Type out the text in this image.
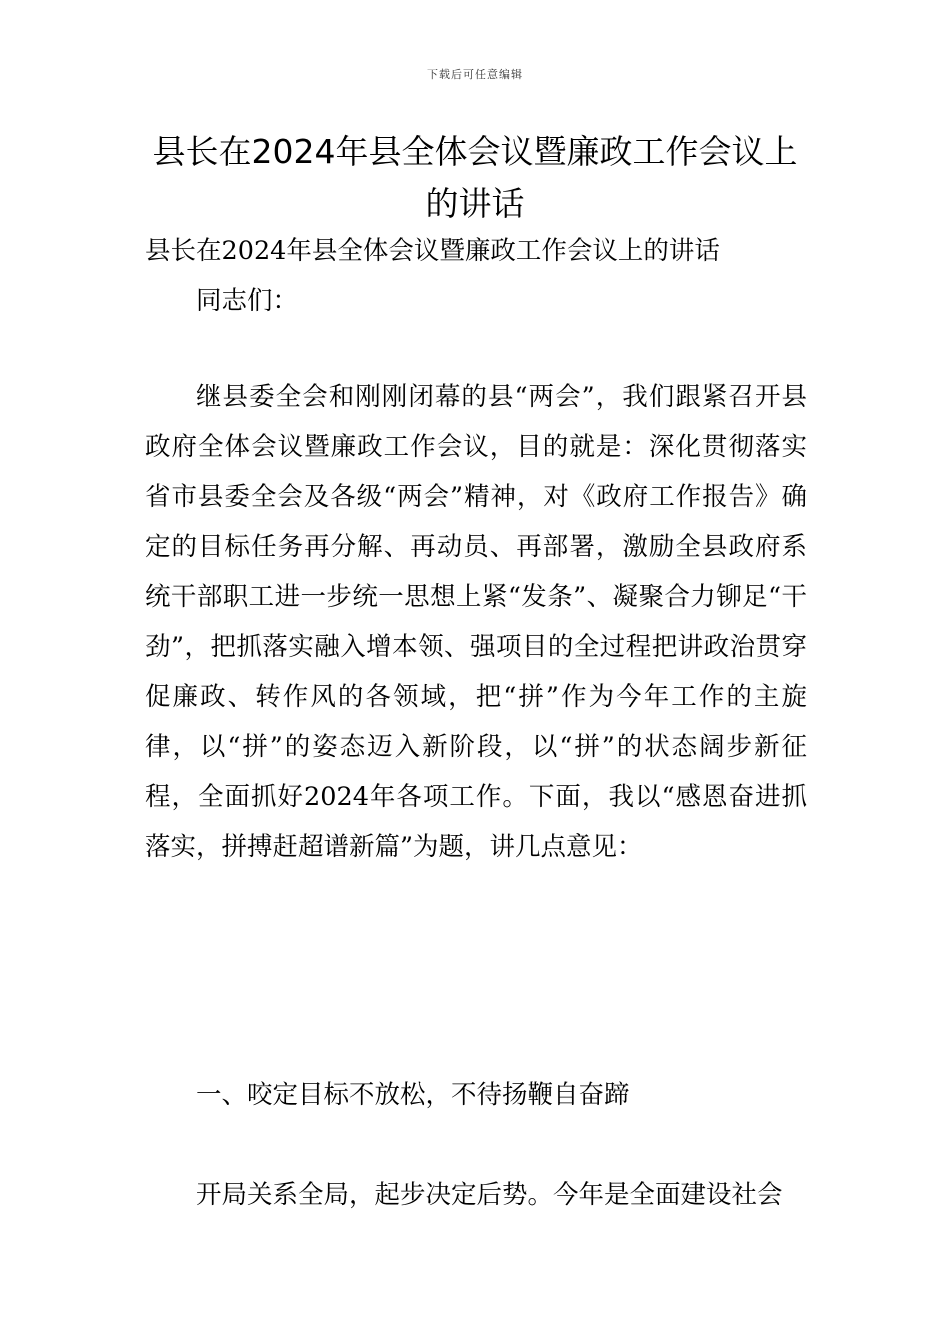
下载后可任意编辑
县长在2024年县全体会议暨廉政工作会议上的讲话

县长在2024年县全体会议暨廉政工作会议上的讲话

同志们：

继县委全会和刚刚闭幕的县“两会”，我们跟紧召开县政府全体会议暨廉政工作会议，目的就是：深化贯彻落实省市县委全会及各级“两会”精神，对《政府工作报告》确定的目标任务再分解、再动员、再部署，激励全县政府系统干部职工进一步统一思想上紧“发条”、凝聚合力铆足“干劲”，把抓落实融入增本领、强项目的全过程把讲政治贯穿促廉政、转作风的各领域，把“拼”作为今年工作的主旋律，以“拼”的姿态迈入新阶段，以“拼”的状态阔步新征程，全面抓好2024年各项工作。下面，我以“感恩奋进抓落实，拼搏赶超谱新篇”为题，讲几点意见：

一、咬定目标不放松，不待扬鞭自奋蹄

开局关系全局，起步决定后势。今年是全面建设社会
